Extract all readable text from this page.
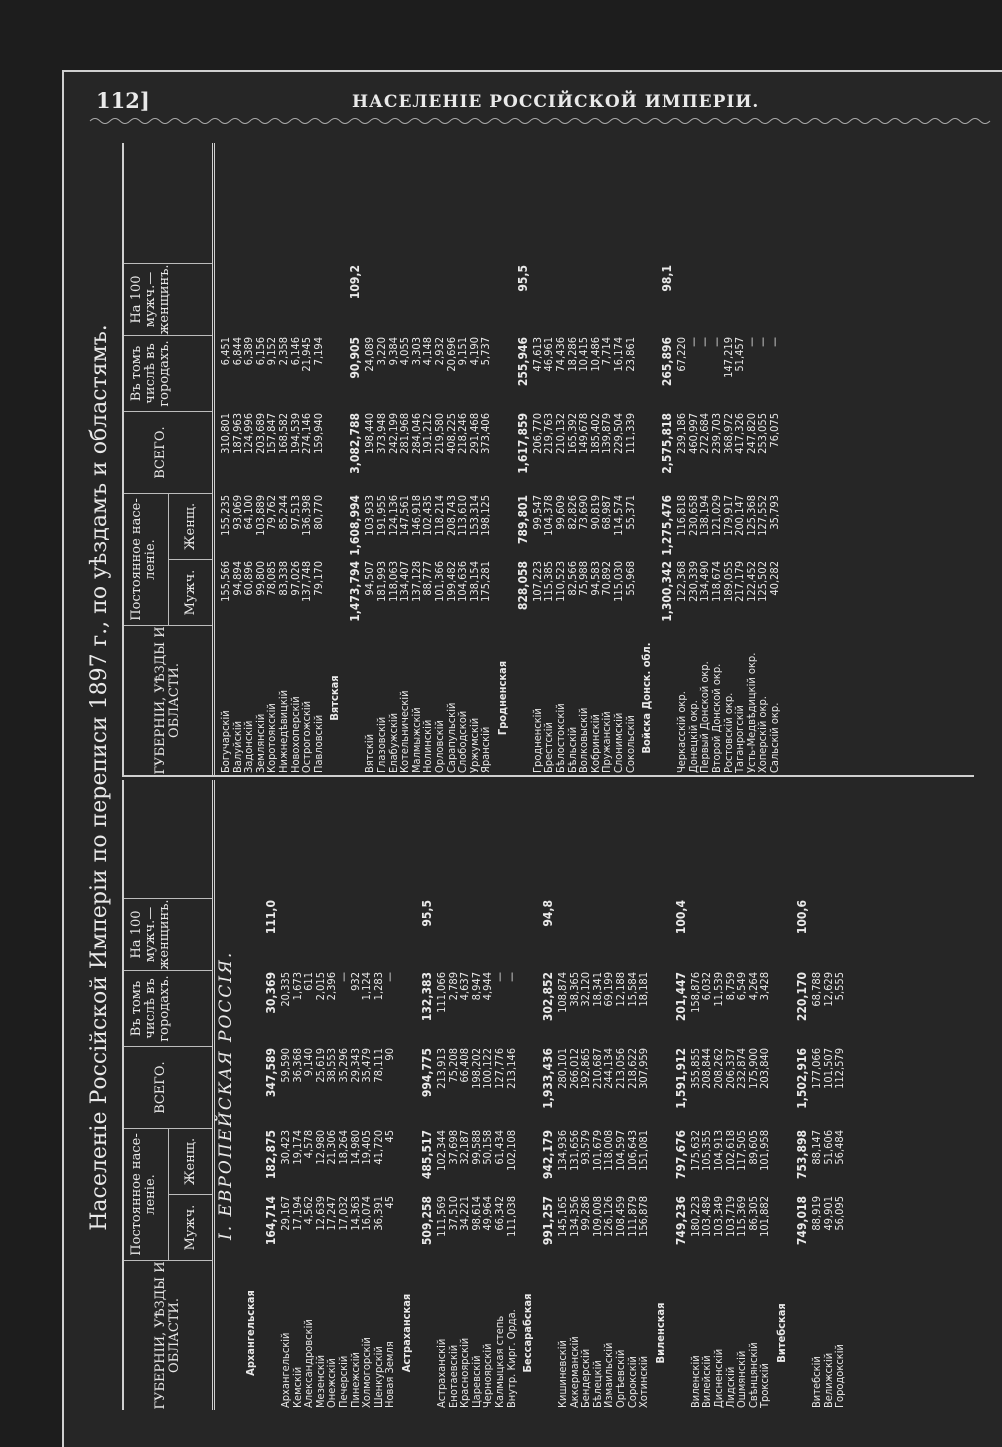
112]	НАСЕЛЕНІЕ РОССІЙСКОЙ ИМПЕРІИ.
Населеніе Россійской Имперіи по переписи 1897 г., по уѣздамъ и областямъ.
ГУБЕРНІИ, УѢЗДЫ И ОБЛАСТИ.
Постоянное насе- леніе.
Мужч.
Женщ.
ВСЕГО.
Въ томъ числѣ въ городахъ.
На 100 мужч.— женщинъ.
I. ЕВРОПЕЙСКАЯ РОССІЯ.
Архангельская
164,714
182,875
347,589
30,369
111,0
Архангельскій
29,167
30,423
59,590
20,335
Кемскій
17,194
19,174
36,368
1,673
Александровскій
4,562
4,578
9,140
611
Мезенскій
12,639
12,980
25,619
2,015
Онежскій
17,247
21,306
38,553
2,396
Печерскій
17,032
18,264
35,296
—
Пинежскій
14,363
14,980
29,343
932
Холмогорскій
16,074
19,405
35,479
1,124
Шенкурскій
36,391
41,720
78,111
1,283
Новая Земля
45
45
90
—
Астраханская
509,258
485,517
994,775
132,383
95,5
Астраханскій
111,569
102,344
213,913
111,066
Енотаевскій
37,510
37,698
75,208
2,789
Красноярскій
34,221
32,187
66,408
4,637
Царевскій
98,614
99,588
198,202
8,947
Черноярскій
49,964
50,158
100,122
4,944
Калмыцкая степь
66,342
61,434
127,776
—
Внутр. Кирг. Орда.
111,038
102,108
213,146
—
Бессарабская
991,257
942,179
1,933,436
302,852
94,8
Кишиневскій
145,165
134,936
280,101
108,874
Аккерманскій
134,356
131,656
266,012
38,365
Бендерскій
99,286
93,579
192,865
32,120
Бѣлецкій
109,008
101,679
210,687
18,341
Измаильскій
126,126
118,008
244,134
69,199
Оргѣевскій
108,459
104,597
213,056
12,188
Сорокскій
111,879
106,643
218,622
15,584
Хотинскій
156,878
151,081
307,959
18,181
Виленская
749,236
797,676
1,591,912
201,447
100,4
Виленскій
180,223
175,632
355,855
158,876
Вилейскій
103,489
105,355
208,844
6,032
Дисненскій
103,349
104,913
208,262
11,539
Лидскій
103,719
102,618
206,337
8,759
Ошмянскій
115,369
117,505
232,874
6,549
Свѣнцянскій
86,305
89,605
175,900
4,264
Трокскій
101,882
101,958
203,840
3,428
Витебская
749,018
753,898
1,502,916
220,170
100,6
Витебскій
88,919
88,147
177,066
68,788
Велижскій
49,901
51,606
101,507
12,629
Городокскій
56,095
56,484
112,579
5,555
ГУБЕРНІИ, УѢЗДЫ И ОБЛАСТИ.
Постоянное насе- леніе.
Мужч.
Женщ.
ВСЕГО.
Въ томъ числѣ въ городахъ.
На 100 мужч.— женщинъ.
Богучарскій
155,566
155,235
310,801
6,451
Валуйскій
94,894
93,069
187,963
6,844
Задонскій
60,896
64,100
124,996
6,389
Землянскій
99,800
103,889
203,689
6,156
Коротоякскій
78,085
79,762
157,847
9,152
Нижнедѣвицкій
83,338
85,244
168,582
2,358
Новохоперскій
97,026
97,513
194,539
6,146
Острогожскій
137,748
136,398
274,146
21,945
Павловскій
79,170
80,770
159,940
7,194
Вятская
1,473,794
1,608,994
3,082,788
90,905
109,2
Вятскій
94,507
103,933
198,440
24,089
Глазовскій
181,993
191,955
373,948
3,220
Елабужскій
118,063
124,136
242,199
9,384
Котельническій
134,407
147,561
281,968
4,055
Малмыжскій
137,128
146,918
284,046
3,303
Нолинскій
88,777
102,435
191,212
4,148
Орловскій
101,366
118,214
219,580
2,932
Сарапульскій
199,482
208,743
408,225
20,696
Слободской
104,636
113,610
218,246
9,151
Уржумскій
138,154
153,314
291,468
4,190
Яранскій
175,281
198,125
373,406
5,737
Гродненская
828,058
789,801
1,617,859
255,946
95,5
Гродненскій
107,223
99,547
206,770
47,613
Брестскій
115,385
104,378
219,763
46,961
Бѣлостокскій
110,523
99,609
210,132
74,436
Бѣльскій
82,566
82,826
165,392
18,286
Волковыскій
75,988
73,690
149,678
10,415
Кобринскій
94,583
90,819
185,402
10,486
Пружанскій
70,892
68,987
139,879
7,714
Слонимскій
115,030
114,574
229,504
16,174
Сокольскій
55,968
55,371
111,339
23,861
Войска Донск. обл.
1,300,342
1,275,476
2,575,818
265,896
98,1
Черкасскій окр.
122,368
116,818
239,186
67,220
Донецкій окр.
230,339
230,658
460,997
—
Первый Донской окр.
134,490
138,194
272,684
—
Второй Донской окр.
118,674
121,029
239,703
—
Ростовскій окр.
189,055
179,917
368,972
147,219
Таганрогскій
217,179
200,147
417,326
51,457
Усть-Медвѣдицкій окр.
122,452
125,368
247,820
—
Хоперскій окр.
125,502
127,552
253,055
—
Сальскій окр.
40,282
35,793
76,075
—
